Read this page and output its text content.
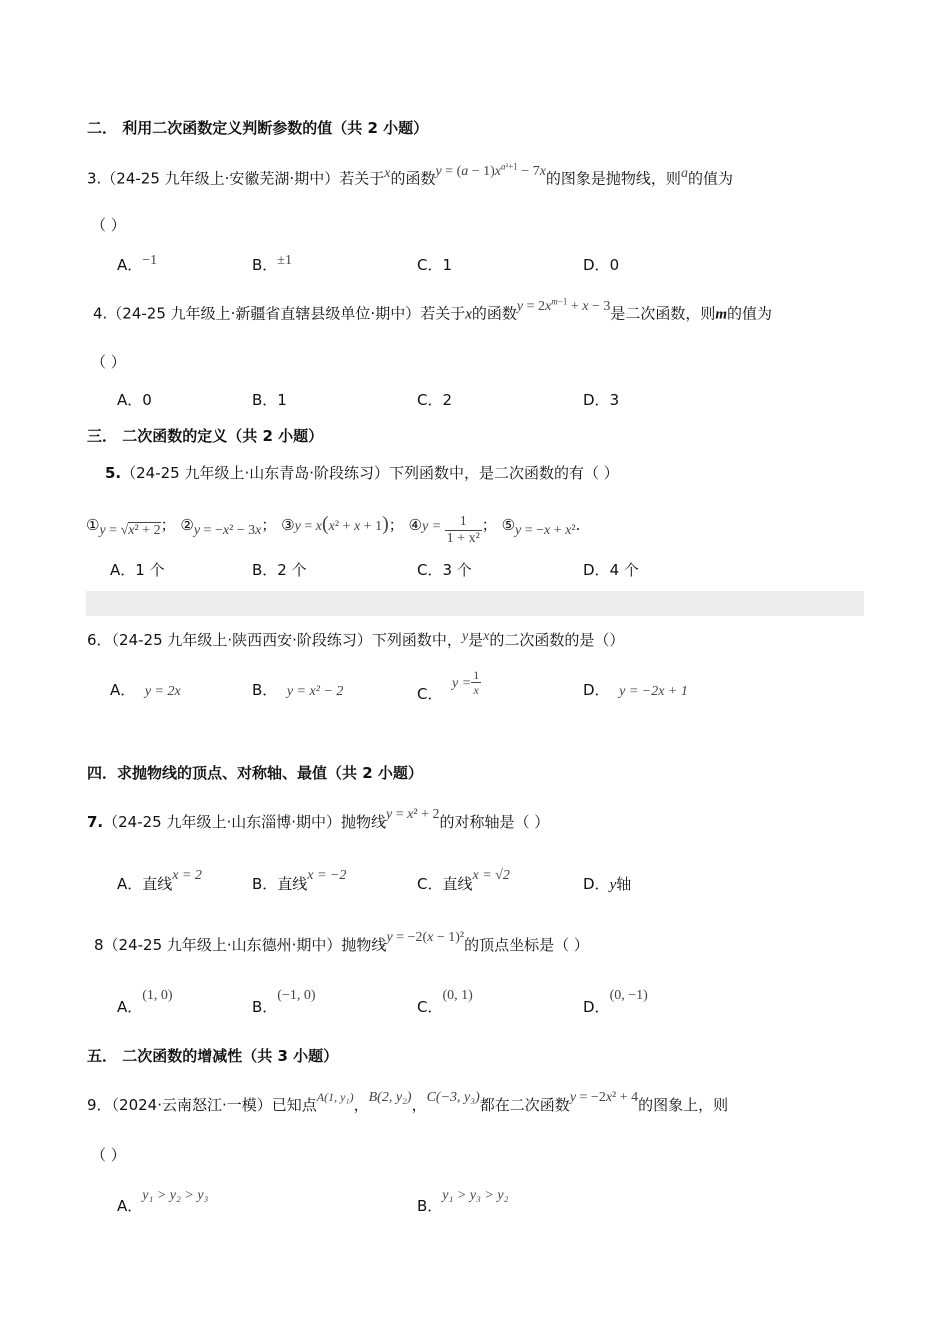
二． 利用二次函数定义判断参数的值（共 2 小题）
3.（24-25 九年级上·安徽芜湖·期中）若关于x的函数$y = (a - 1)x^{a^2+1} - 7x$的图象是抛物线，则a的值为
（ ）
A．−1	B．±1	C．1	D．0
4.（24-25 九年级上·新疆省直辖县级单位·期中）若关于x的函数$y = 2x^{m-1} + x - 3$是二次函数，则m的值为
（ ）
A．0	B．1	C．2	D．3
三． 二次函数的定义（共 2 小题）
5.（24-25 九年级上·山东青岛·阶段练习）下列函数中，是二次函数的有（ ）
①y = √x² + 2； ②y = −x² − 3x； ③y = x(x² + x + 1)； ④y = $\frac{1}{\text{1 + x²}}$ ； ⑤y = −x + x².
A．1 个	B．2 个	C．3 个	D．4 个
6．（24-25 九年级上·陕西西安·阶段练习）下列函数中，y是x的二次函数的是（）
A． y = 2x	B． y = x² − 2	C．  $y = \frac{1}{x}$	D． y = −2x + 1
四．求抛物线的顶点、对称轴、最值（共 2 小题）
7.（24-25 九年级上·山东淄博·期中）抛物线y = x² + 2的对称轴是（ ）
A．直线x = 2	B．直线x = −2	C．直线x = √2	D．y轴
8（24-25 九年级上·山东德州·期中）抛物线y = −2(x − 1)²的顶点坐标是（ ）
A．(1, 0)
B．(−1, 0)
C．(0, 1)
D．(0, −1)
五． 二次函数的增减性（共 3 小题）
9．（2024·云南怒江·一模）已知点$^{A(1, y_1)}$，B(2, y₂)，C(−3, y₃)都在二次函数y = −2x² + 4的图象上，则
（ ）
A．y₁ > y₂ > y₃
B．y₁ > y₃ > y₂
